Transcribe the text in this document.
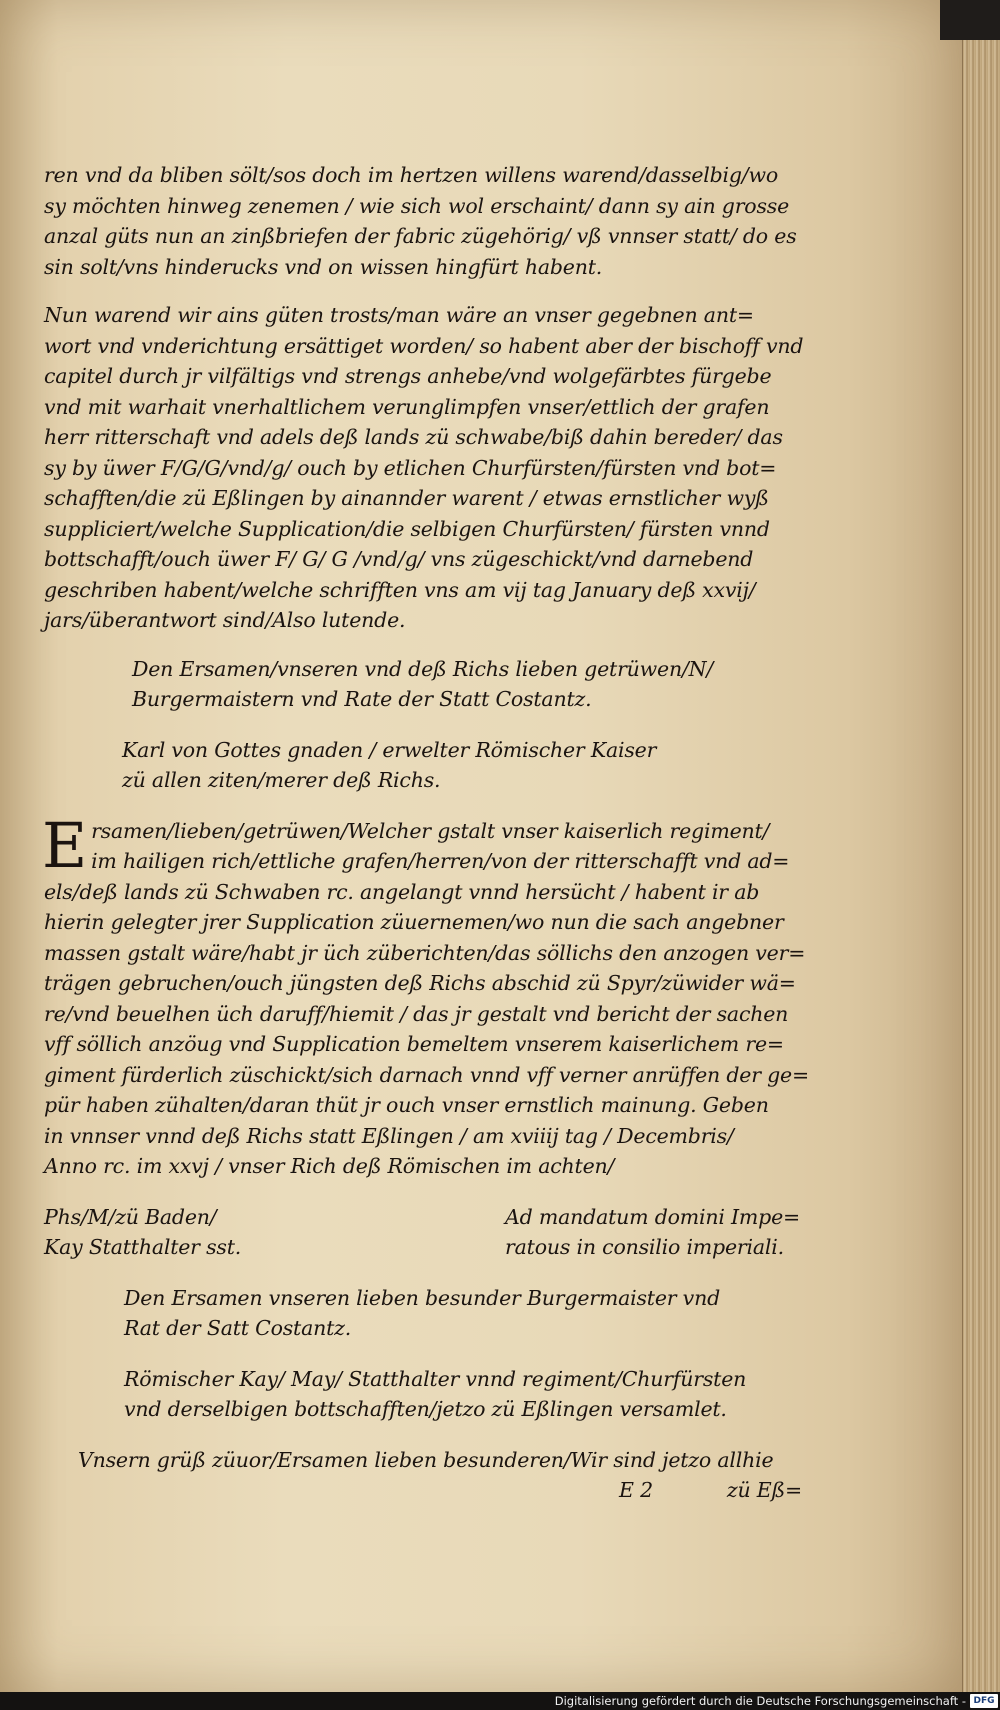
ren vnd da bliben sölt/sos doch im hertzen willens warend/dasselbig/wo

sy möchten hinweg zenemen / wie sich wol erschaint/ dann sy ain grosse

anzal güts nun an zinßbriefen der fabric zügehörig/ vß vnnser statt/ do es

sin solt/vns hinderucks vnd on wissen hingfürt habent.

Nun warend wir ains güten trosts/man wäre an vnser gegebnen ant=

wort vnd vnderichtung ersättiget worden/ so habent aber der bischoff vnd

capitel durch jr vilfältigs vnd strengs anhebe/vnd wolgefärbtes fürgebe

vnd mit warhait vnerhaltlichem verunglimpfen vnser/ettlich der grafen

herr ritterschaft vnd adels deß lands zü schwabe/biß dahin bereder/ das

sy by üwer F/G/G/vnd/g/ ouch by etlichen Churfürsten/fürsten vnd bot=

schafften/die zü Eßlingen by ainannder warent / etwas ernstlicher wyß

suppliciert/welche Supplication/die selbigen Churfürsten/ fürsten vnnd

bottschafft/ouch üwer F/ G/ G /vnd/g/ vns zügeschickt/vnd darnebend

geschriben habent/welche schrifften vns am vij tag January deß xxvij/

jars/überantwort sind/Also lutende.

Den Ersamen/vnseren vnd deß Richs lieben getrüwen/N/

Burgermaistern vnd Rate der Statt Costantz.

Karl von Gottes gnaden / erwelter Römischer Kaiser

zü allen ziten/merer deß Richs.

E rsamen/lieben/getrüwen/Welcher gstalt vnser kaiserlich regiment/

im hailigen rich/ettliche grafen/herren/von der ritterschafft vnd ad=

els/deß lands zü Schwaben rc. angelangt vnnd hersücht / habent ir ab

hierin gelegter jrer Supplication züuernemen/wo nun die sach angebner

massen gstalt wäre/habt jr üch züberichten/das söllichs den anzogen ver=

trägen gebruchen/ouch jüngsten deß Richs abschid zü Spyr/züwider wä=

re/vnd beuelhen üch daruff/hiemit / das jr gestalt vnd bericht der sachen

vff söllich anzöug vnd Supplication bemeltem vnserem kaiserlichem re=

giment fürderlich züschickt/sich darnach vnnd vff verner anrüffen der ge=

pür haben zühalten/daran thüt jr ouch vnser ernstlich mainung. Geben

in vnnser vnnd deß Richs statt Eßlingen / am xviiij tag / Decembris/

Anno rc. im xxvj / vnser Rich deß Römischen im achten/

Phs/M/zü Baden/

Kay Statthalter sst.

Ad mandatum domini Impe=

ratous in consilio imperiali.

Den Ersamen vnseren lieben besunder Burgermaister vnd

Rat der Satt Costantz.

Römischer Kay/ May/ Statthalter vnnd regiment/Churfürsten

vnd derselbigen bottschafften/jetzo zü Eßlingen versamlet.

Vnsern grüß züuor/Ersamen lieben besunderen/Wir sind jetzo allhie

E 2	zü Eß=
Digitalisierung gefördert durch die Deutsche Forschungsgemeinschaft - DFG
